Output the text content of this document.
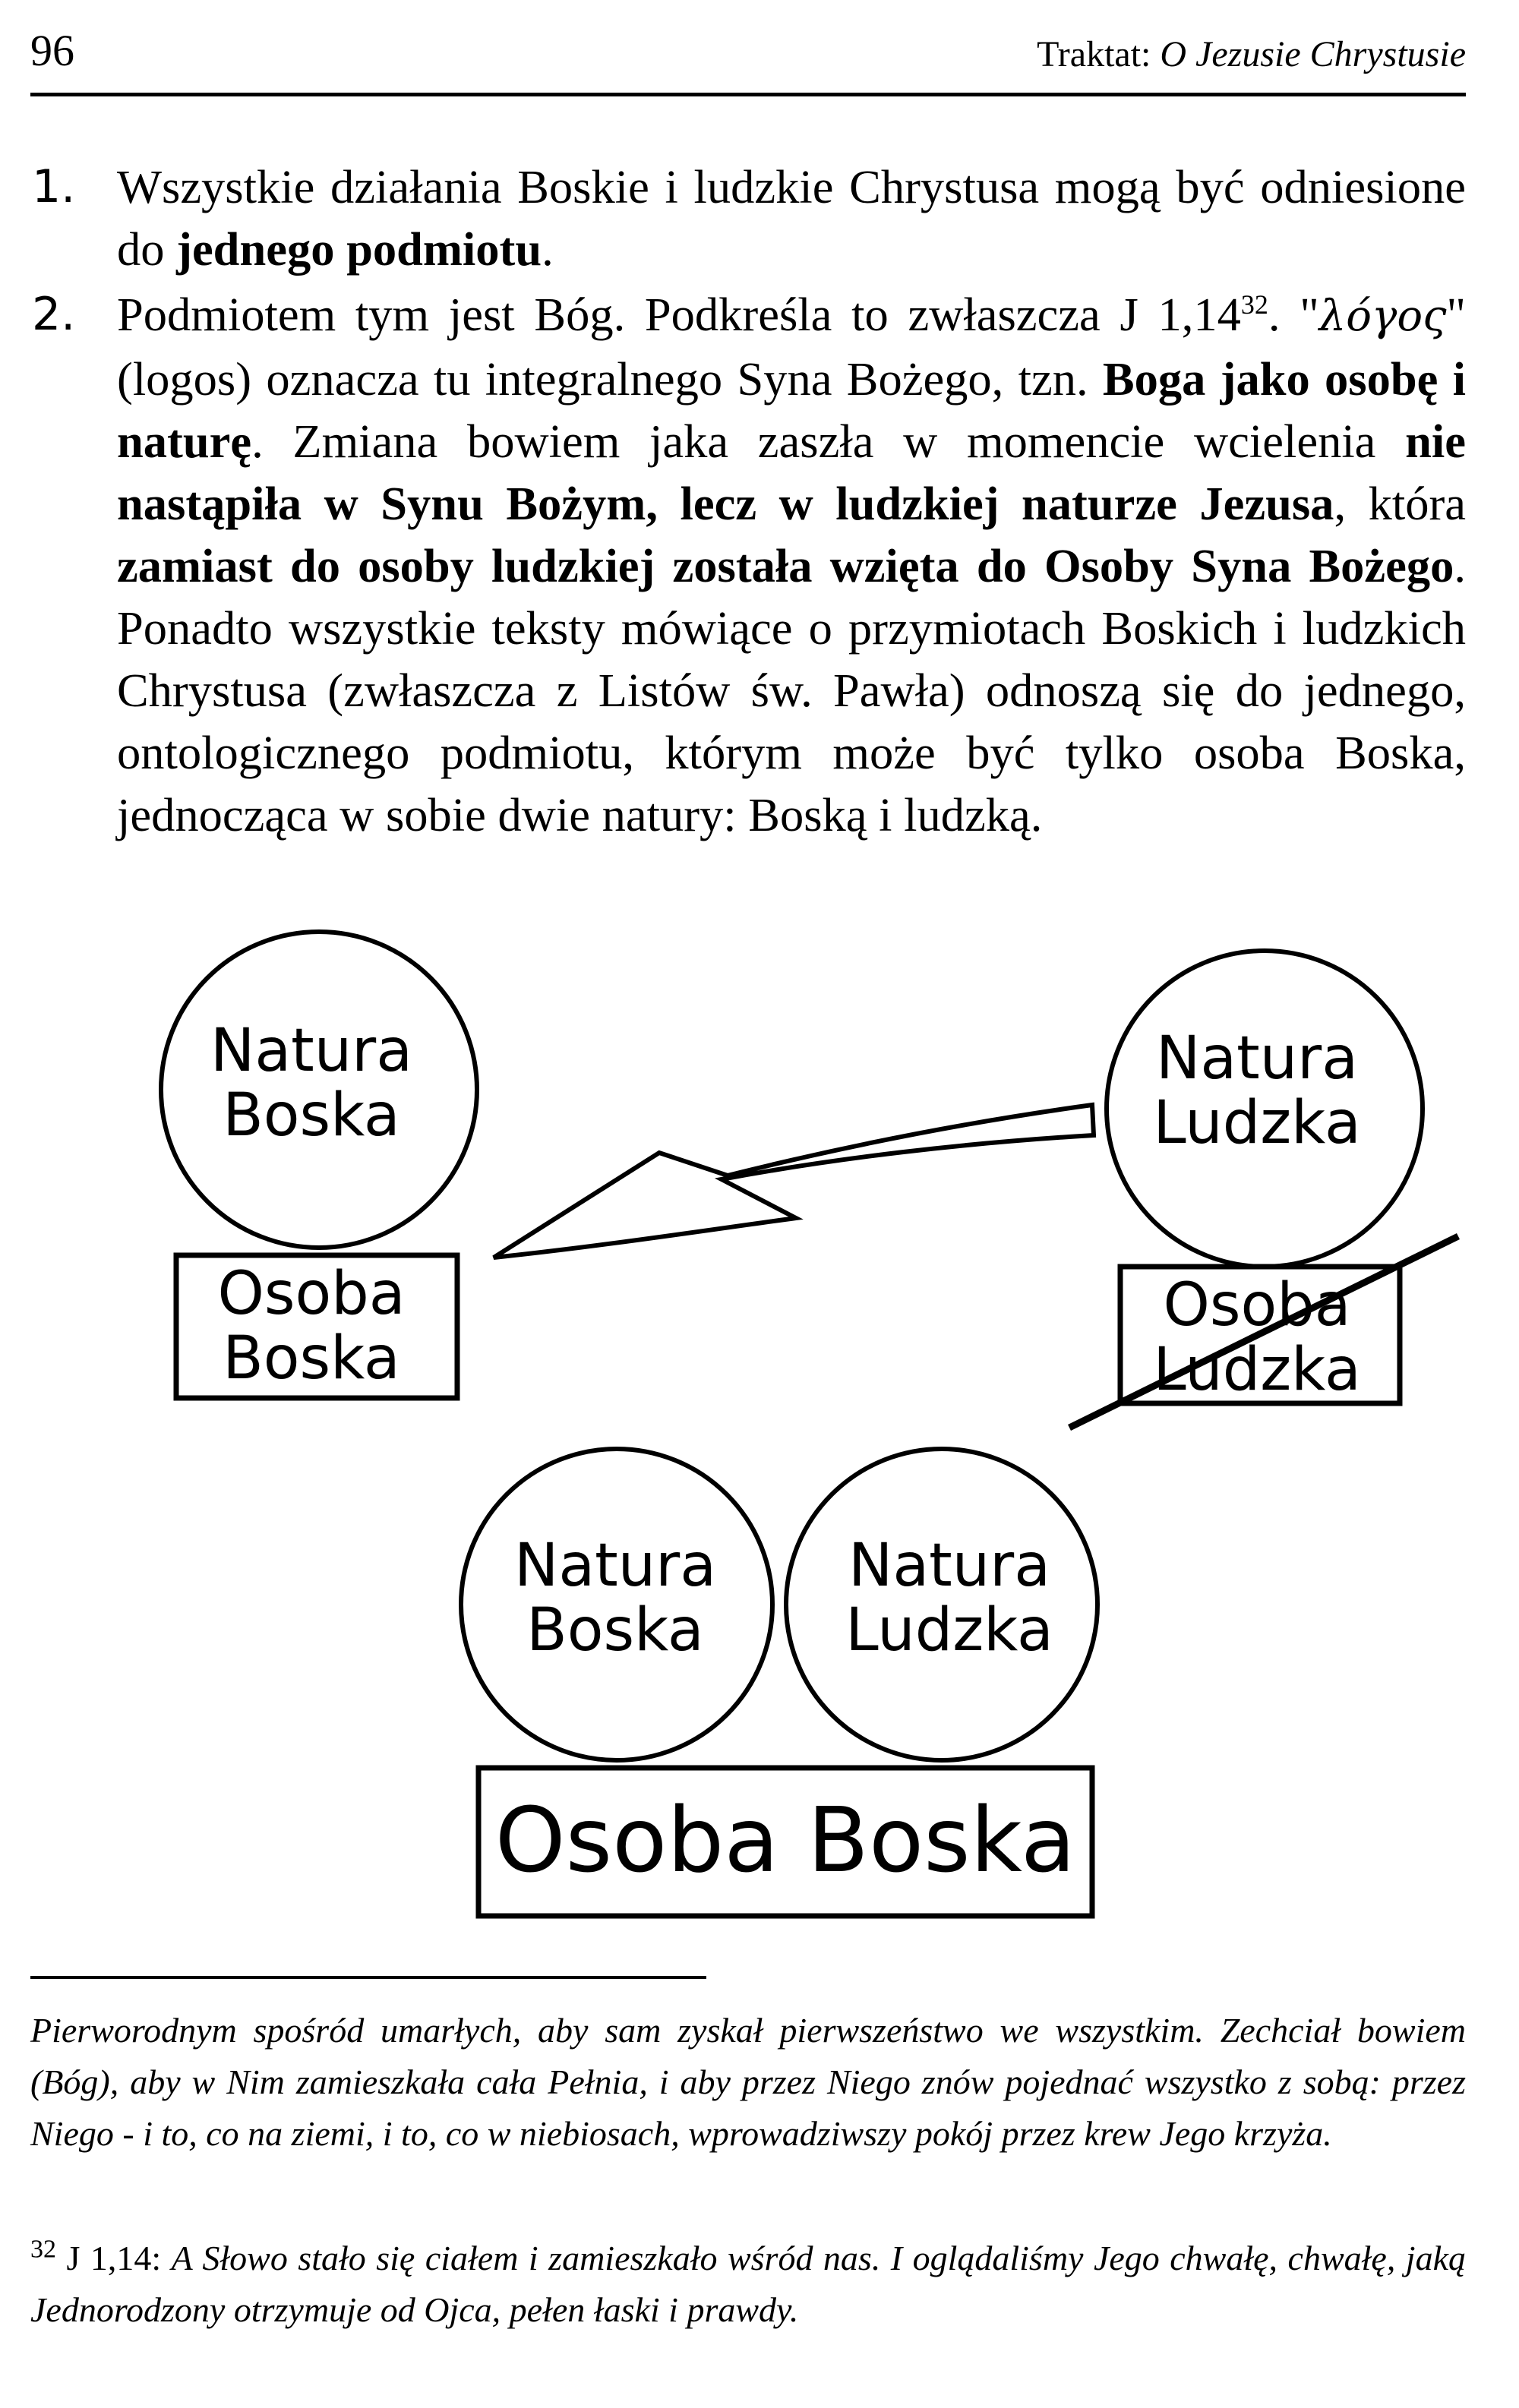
96	Traktat: O Jezusie Chrystusie
1. Wszystkie działania Boskie i ludzkie Chrystusa mogą być odniesione do jednego podmiotu.
2. Podmiotem tym jest Bóg. Podkreśla to zwłaszcza J 1,14$^{32}$. "λόγος" (logos) oznacza tu integralnego Syna Bożego, tzn. Boga jako osobę i naturę. Zmiana bowiem jaka zaszła w momencie wcielenia nie nastąpiła w Synu Bożym, lecz w ludzkiej naturze Jezusa, która zamiast do osoby ludzkiej została wzięta do Osoby Syna Bożego. Ponadto wszystkie teksty mówiące o przymiotach Boskich i ludzkich Chrystusa (zwłaszcza z Listów św. Pawła) odnoszą się do jednego, ontologicznego podmiotu, którym może być tylko osoba Boska, jednocząca w sobie dwie natury: Boską i ludzką.
Natura
Boska
Osoba
Boska
Natura
Ludzka
Osoba
Ludzka
Natura
Boska
Natura
Ludzka
Osoba Boska
Pierworodnym spośród umarłych, aby sam zyskał pierwszeństwo we wszystkim. Zechciał bowiem (Bóg), aby w Nim zamieszkała cała Pełnia, i aby przez Niego znów pojednać wszystko z sobą: przez Niego - i to, co na ziemi, i to, co w niebiosach, wprowadziwszy pokój przez krew Jego krzyża.
$^{32}$ J 1,14: A Słowo stało się ciałem i zamieszkało wśród nas. I oglądaliśmy Jego chwałę, chwałę, jaką Jednorodzony otrzymuje od Ojca, pełen łaski i prawdy.
